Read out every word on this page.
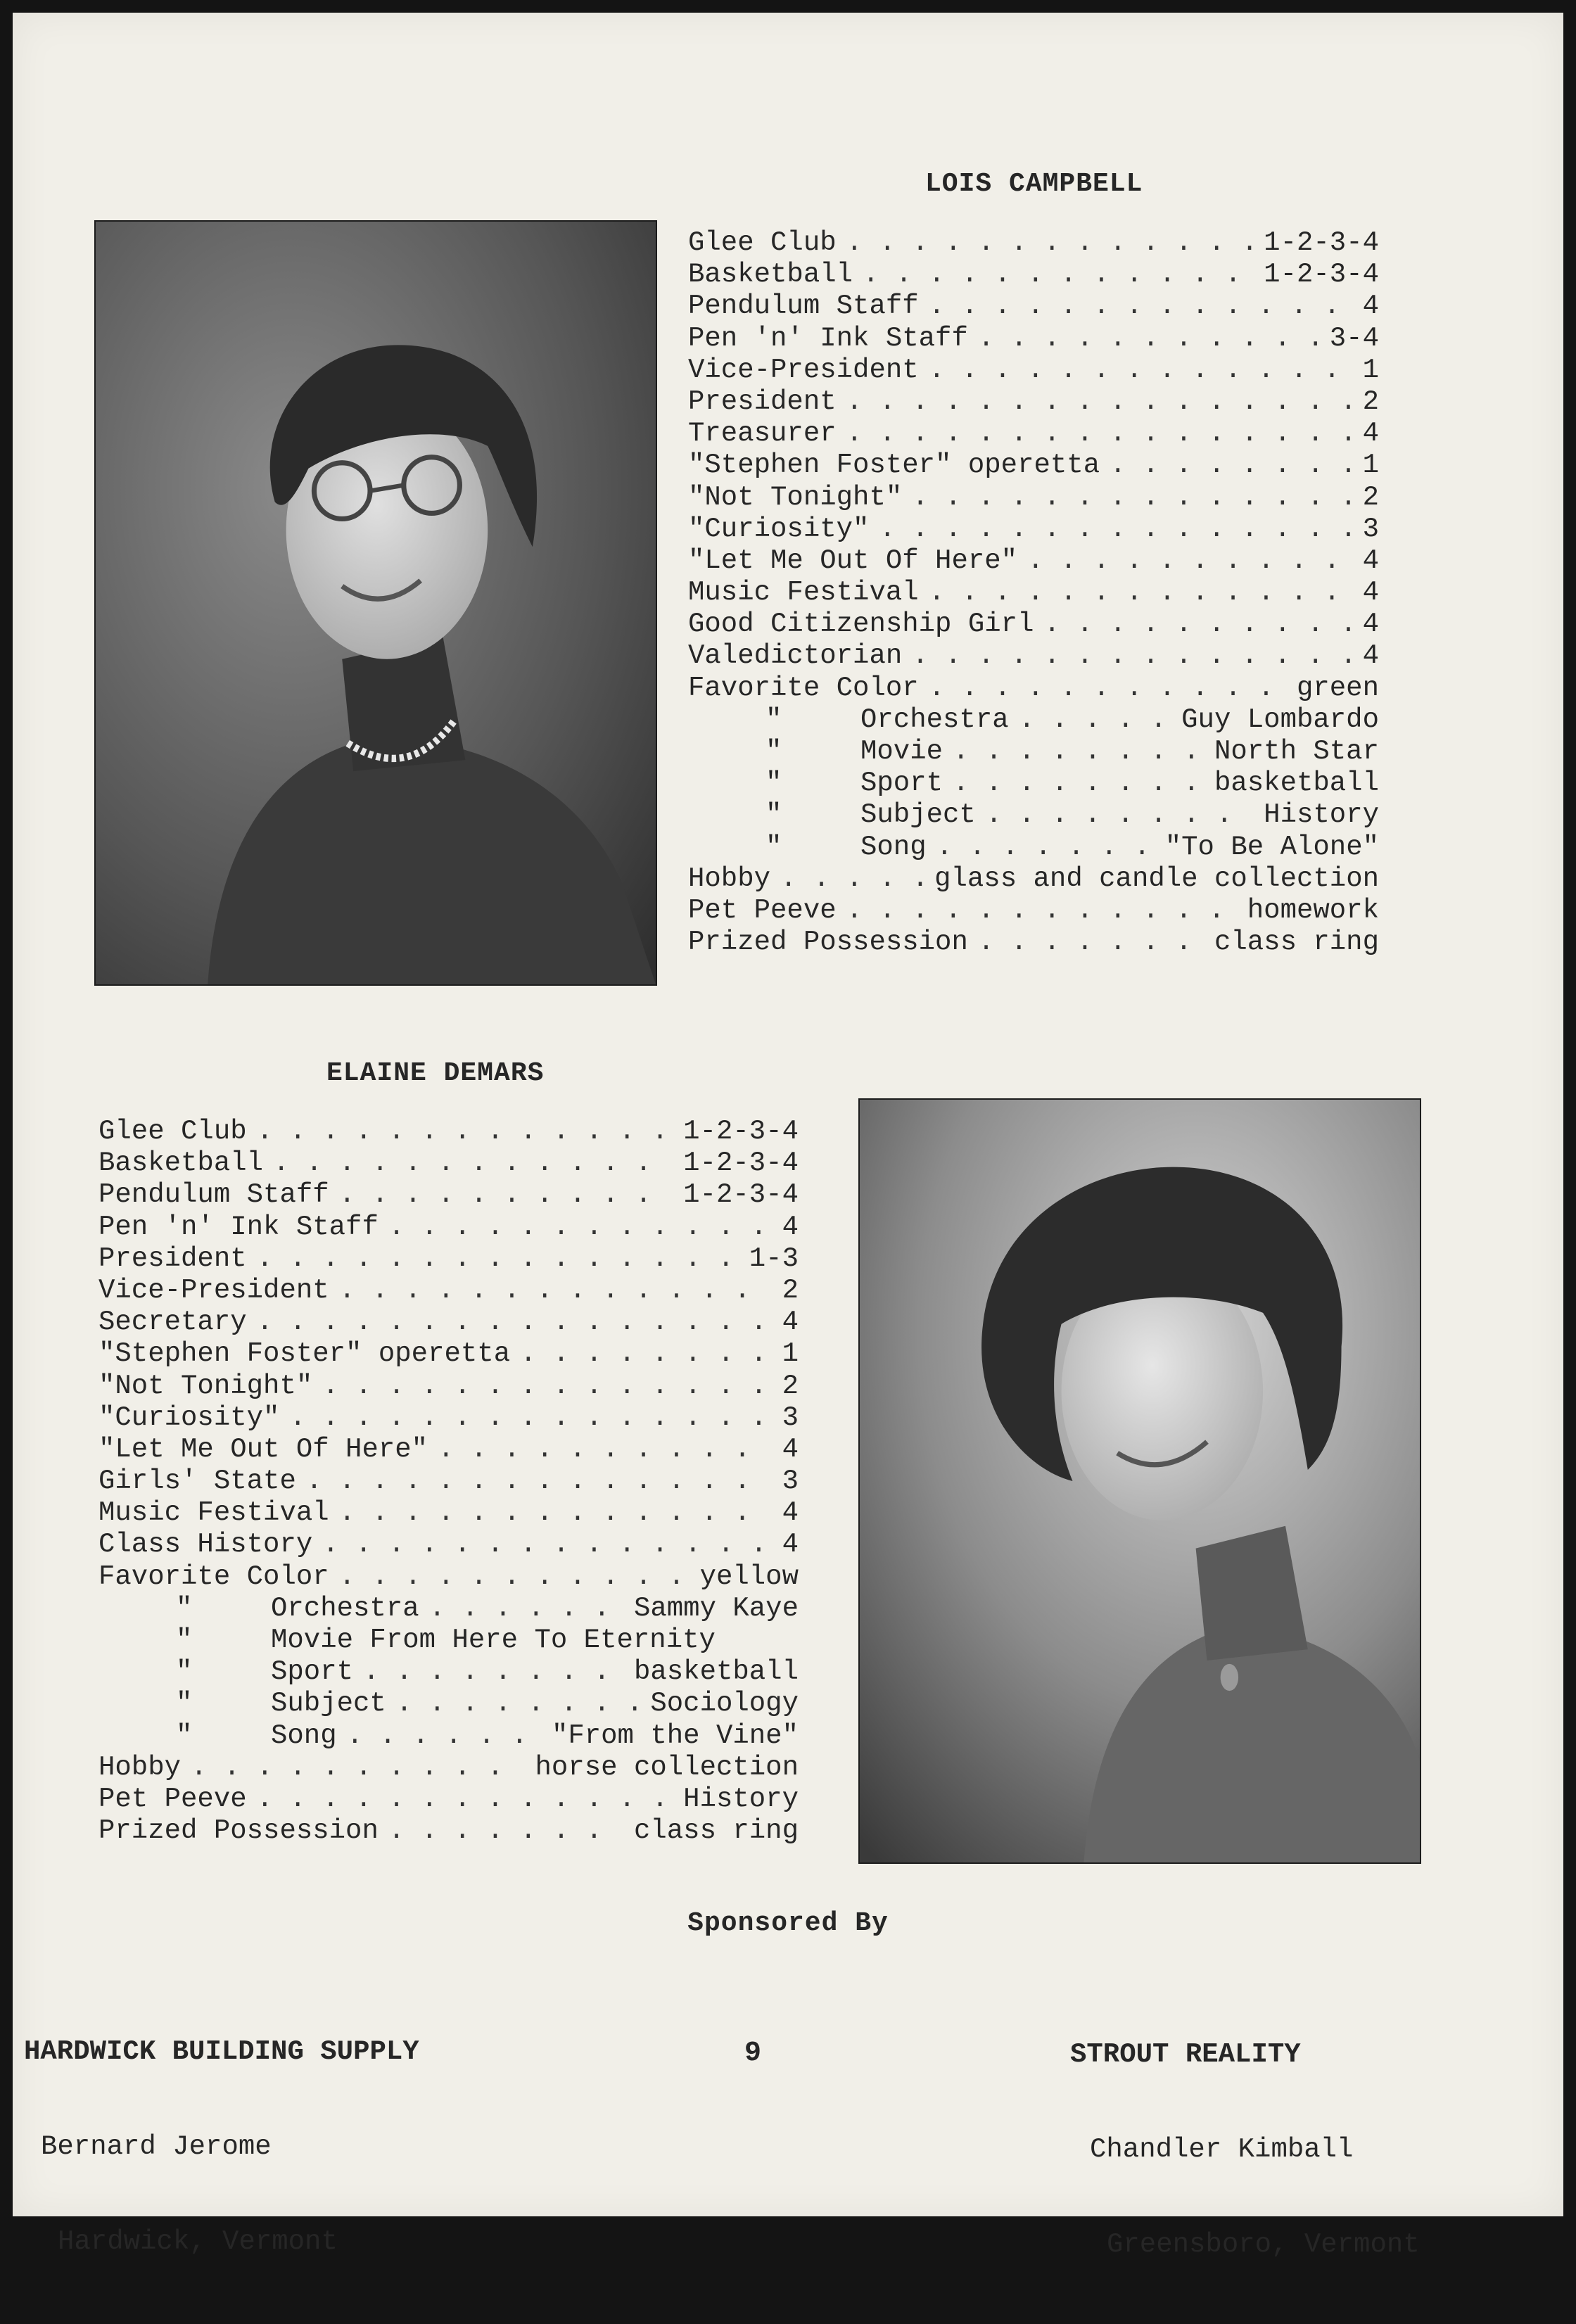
LOIS CAMPBELL
Glee Club . . .	1-2-3-4
Basketball . . .	1-2-3-4
Pendulum Staff . . .	4
Pen 'n' Ink Staff . . .	3-4
Vice-President . . .	1
President . . .	2
Treasurer . . .	4
"Stephen Foster" operetta . . .	1
"Not Tonight" . . .	2
"Curiosity" . . .	3
"Let Me Out Of Here" . . .	4
Music Festival . . .	4
Good Citizenship Girl . . .	4
Valedictorian . . .	4
Favorite Color . . .	green
"	Orchestra . . .	Guy Lombardo
"	Movie . . .	North Star
"	Sport . . .	basketball
"	Subject . . .	History
"	Song . . .	"To Be Alone"
Hobby . . .	glass and candle collection
Pet Peeve . . .	homework
Prized Possession . . .	class ring
ELAINE DEMARS
Glee Club . . .	1-2-3-4
Basketball . . .	1-2-3-4
Pendulum Staff . . .	1-2-3-4
Pen 'n' Ink Staff . . .	4
President . . .	1-3
Vice-President . . .	2
Secretary . . .	4
"Stephen Foster" operetta . . .	1
"Not Tonight" . . .	2
"Curiosity" . . .	3
"Let Me Out Of Here" . . .	4
Girls' State . . .	3
Music Festival . . .	4
Class History . . .	4
Favorite Color . . .	yellow
"	Orchestra . . .	Sammy Kaye
"	Movie From Here To Eternity
"	Sport . . .	basketball
"	Subject . . .	Sociology
"	Song . . .	"From the Vine"
Hobby . . .	horse collection
Pet Peeve . . .	History
Prized Possession . . .	class ring
Sponsored By

HARDWICK BUILDING SUPPLY

Bernard Jerome

Hardwick, Vermont

9

	STROUT REALITY

Chandler Kimball

Greensboro, Vermont
